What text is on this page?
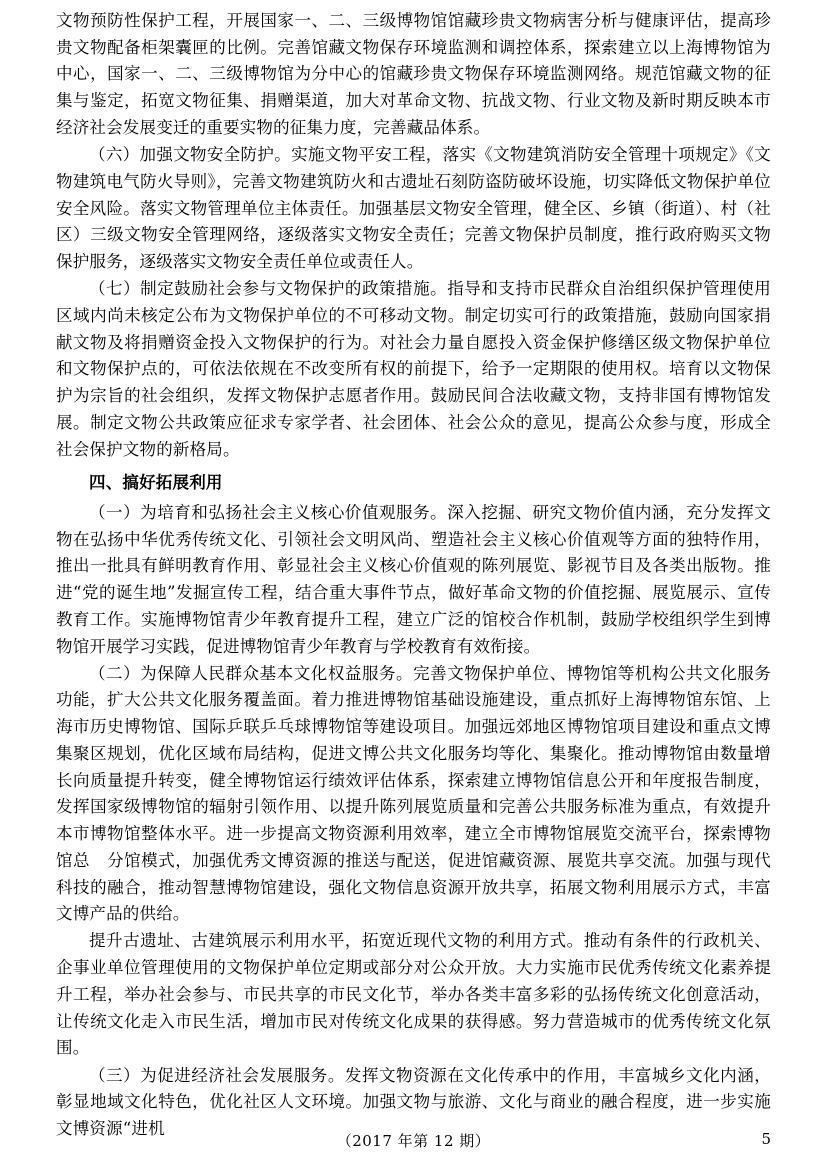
文物预防性保护工程，开展国家一、二、三级博物馆馆藏珍贵文物病害分析与健康评估，提高珍贵文物配备柜架囊匣的比例。完善馆藏文物保存环境监测和调控体系，探索建立以上海博物馆为中心，国家一、二、三级博物馆为分中心的馆藏珍贵文物保存环境监测网络。规范馆藏文物的征集与鉴定，拓宽文物征集、捐赠渠道，加大对革命文物、抗战文物、行业文物及新时期反映本市经济社会发展变迁的重要实物的征集力度，完善藏品体系。

（六）加强文物安全防护。实施文物平安工程，落实《文物建筑消防安全管理十项规定》《文物建筑电气防火导则》，完善文物建筑防火和古遗址石刻防盗防破坏设施，切实降低文物保护单位安全风险。落实文物管理单位主体责任。加强基层文物安全管理，健全区、乡镇（街道）、村（社区）三级文物安全管理网络，逐级落实文物安全责任；完善文物保护员制度，推行政府购买文物保护服务，逐级落实文物安全责任单位或责任人。

（七）制定鼓励社会参与文物保护的政策措施。指导和支持市民群众自治组织保护管理使用区域内尚未核定公布为文物保护单位的不可移动文物。制定切实可行的政策措施，鼓励向国家捐献文物及将捐赠资金投入文物保护的行为。对社会力量自愿投入资金保护修缮区级文物保护单位和文物保护点的，可依法依规在不改变所有权的前提下，给予一定期限的使用权。培育以文物保护为宗旨的社会组织，发挥文物保护志愿者作用。鼓励民间合法收藏文物，支持非国有博物馆发展。制定文物公共政策应征求专家学者、社会团体、社会公众的意见，提高公众参与度，形成全社会保护文物的新格局。

四、搞好拓展利用

（一）为培育和弘扬社会主义核心价值观服务。深入挖掘、研究文物价值内涵，充分发挥文物在弘扬中华优秀传统文化、引领社会文明风尚、塑造社会主义核心价值观等方面的独特作用，推出一批具有鲜明教育作用、彰显社会主义核心价值观的陈列展览、影视节目及各类出版物。推进“党的诞生地”发掘宣传工程，结合重大事件节点，做好革命文物的价值挖掘、展览展示、宣传教育工作。实施博物馆青少年教育提升工程，建立广泛的馆校合作机制，鼓励学校组织学生到博物馆开展学习实践，促进博物馆青少年教育与学校教育有效衔接。

（二）为保障人民群众基本文化权益服务。完善文物保护单位、博物馆等机构公共文化服务功能，扩大公共文化服务覆盖面。着力推进博物馆基础设施建设，重点抓好上海博物馆东馆、上海市历史博物馆、国际乒联乒乓球博物馆等建设项目。加强远郊地区博物馆项目建设和重点文博集聚区规划，优化区域布局结构，促进文博公共文化服务均等化、集聚化。推动博物馆由数量增长向质量提升转变，健全博物馆运行绩效评估体系，探索建立博物馆信息公开和年度报告制度，发挥国家级博物馆的辐射引领作用、以提升陈列展览质量和完善公共服务标准为重点，有效提升本市博物馆整体水平。进一步提高文物资源利用效率，建立全市博物馆展览交流平台，探索博物馆总　分馆模式，加强优秀文博资源的推送与配送，促进馆藏资源、展览共享交流。加强与现代科技的融合，推动智慧博物馆建设，强化文物信息资源开放共享，拓展文物利用展示方式，丰富文博产品的供给。

提升古遗址、古建筑展示利用水平，拓宽近现代文物的利用方式。推动有条件的行政机关、企事业单位管理使用的文物保护单位定期或部分对公众开放。大力实施市民优秀传统文化素养提升工程，举办社会参与、市民共享的市民文化节，举办各类丰富多彩的弘扬传统文化创意活动，让传统文化走入市民生活，增加市民对传统文化成果的获得感。努力营造城市的优秀传统文化氛围。

（三）为促进经济社会发展服务。发挥文物资源在文化传承中的作用，丰富城乡文化内涵，彰显地域文化特色，优化社区人文环境。加强文物与旅游、文化与商业的融合程度，进一步实施文博资源“进机

（2017 年第 12 期）	5
